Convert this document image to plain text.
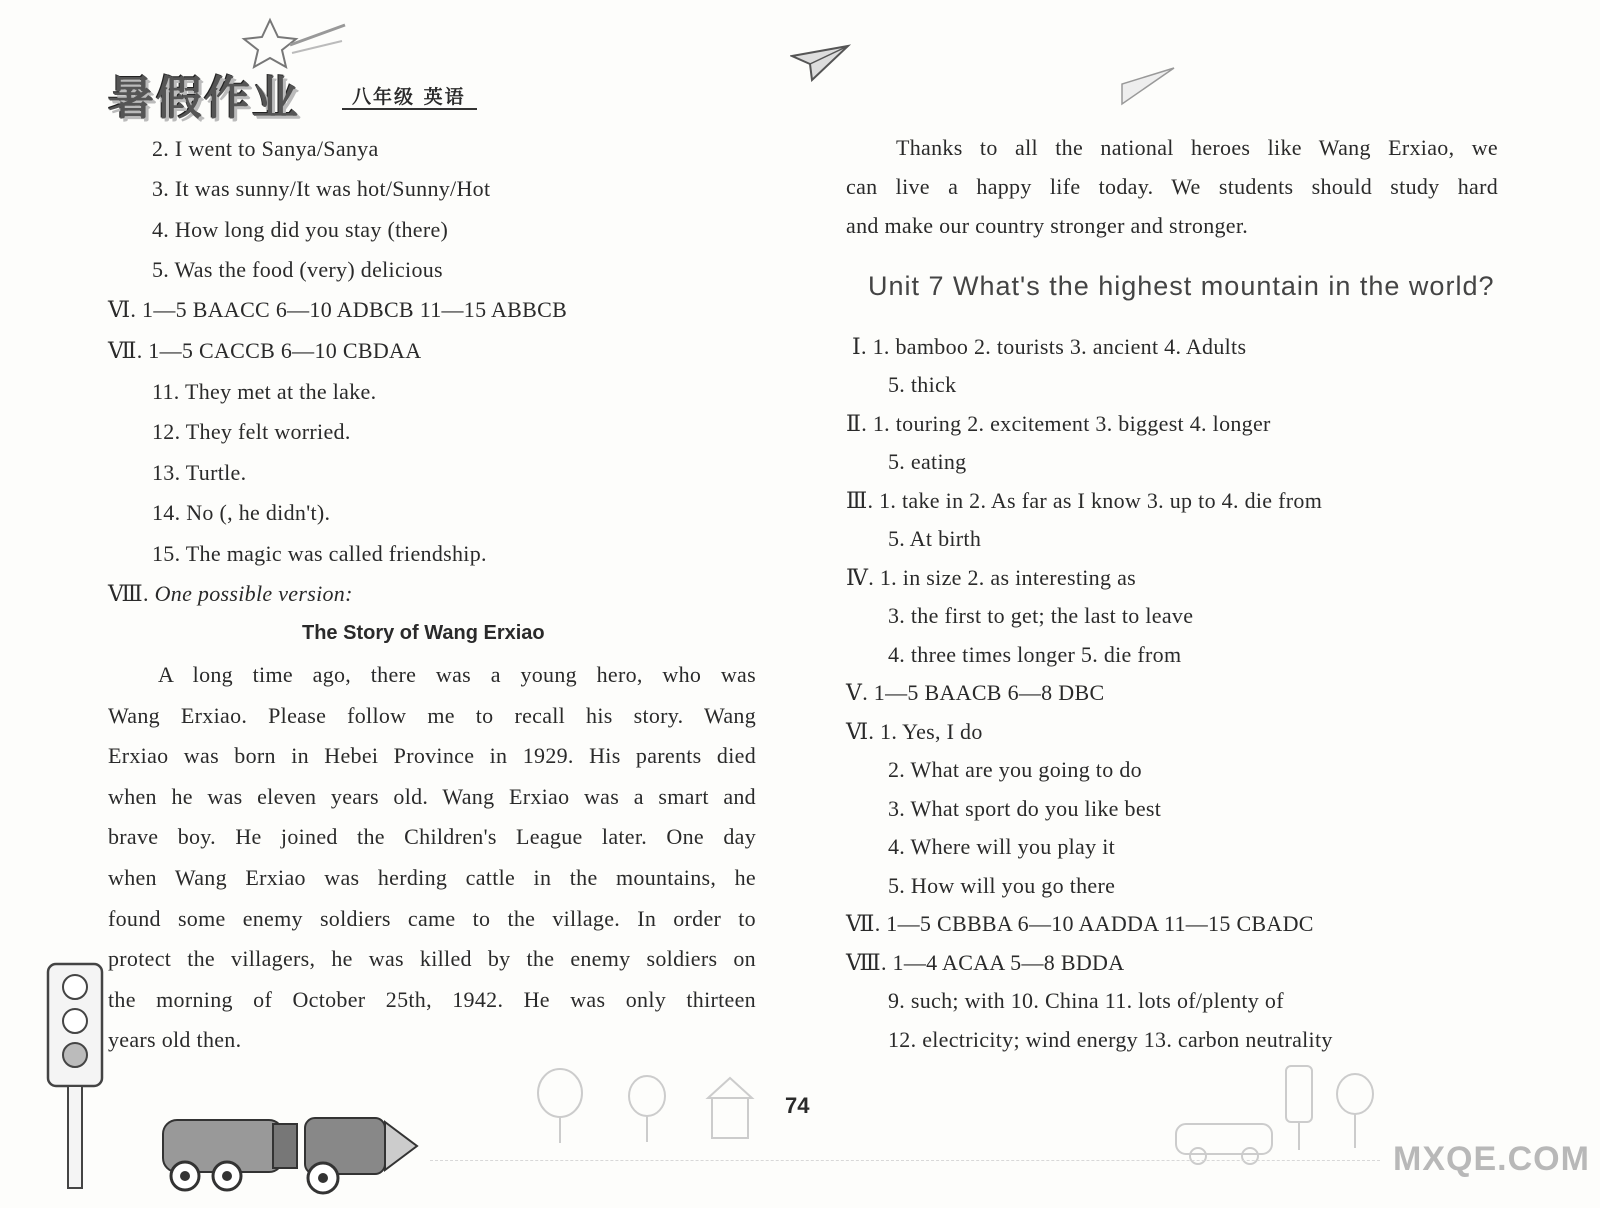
暑假作业	八年级 英语
2. I went to Sanya/Sanya
3. It was sunny/It was hot/Sunny/Hot
4. How long did you stay (there)
5. Was the food (very) delicious
Ⅵ. 1—5 BAACC 6—10 ADBCB 11—15 ABBCB
Ⅶ. 1—5 CACCB 6—10 CBDAA
11. They met at the lake.
12. They felt worried.
13. Turtle.
14. No (, he didn't).
15. The magic was called friendship.
Ⅷ. One possible version:
The Story of Wang Erxiao
A long time ago, there was a young hero, who was
Wang Erxiao. Please follow me to recall his story. Wang
Erxiao was born in Hebei Province in 1929. His parents died
when he was eleven years old. Wang Erxiao was a smart and
brave boy. He joined the Children's League later. One day
when Wang Erxiao was herding cattle in the mountains, he
found some enemy soldiers came to the village. In order to
protect the villagers, he was killed by the enemy soldiers on
the morning of October 25th, 1942. He was only thirteen
years old then.
Thanks to all the national heroes like Wang Erxiao, we
can live a happy life today. We students should study hard
and make our country stronger and stronger.
Unit 7 What's the highest mountain in the world?
Ⅰ. 1. bamboo 2. tourists 3. ancient 4. Adults
5. thick
Ⅱ. 1. touring 2. excitement 3. biggest 4. longer
5. eating
Ⅲ. 1. take in 2. As far as I know 3. up to 4. die from
5. At birth
Ⅳ. 1. in size 2. as interesting as
3. the first to get; the last to leave
4. three times longer 5. die from
Ⅴ. 1—5 BAACB 6—8 DBC
Ⅵ. 1. Yes, I do
2. What are you going to do
3. What sport do you like best
4. Where will you play it
5. How will you go there
Ⅶ. 1—5 CBBBA 6—10 AADDA 11—15 CBADC
Ⅷ. 1—4 ACAA 5—8 BDDA
9. such; with 10. China 11. lots of/plenty of
12. electricity; wind energy 13. carbon neutrality
74
MXQE.COM
